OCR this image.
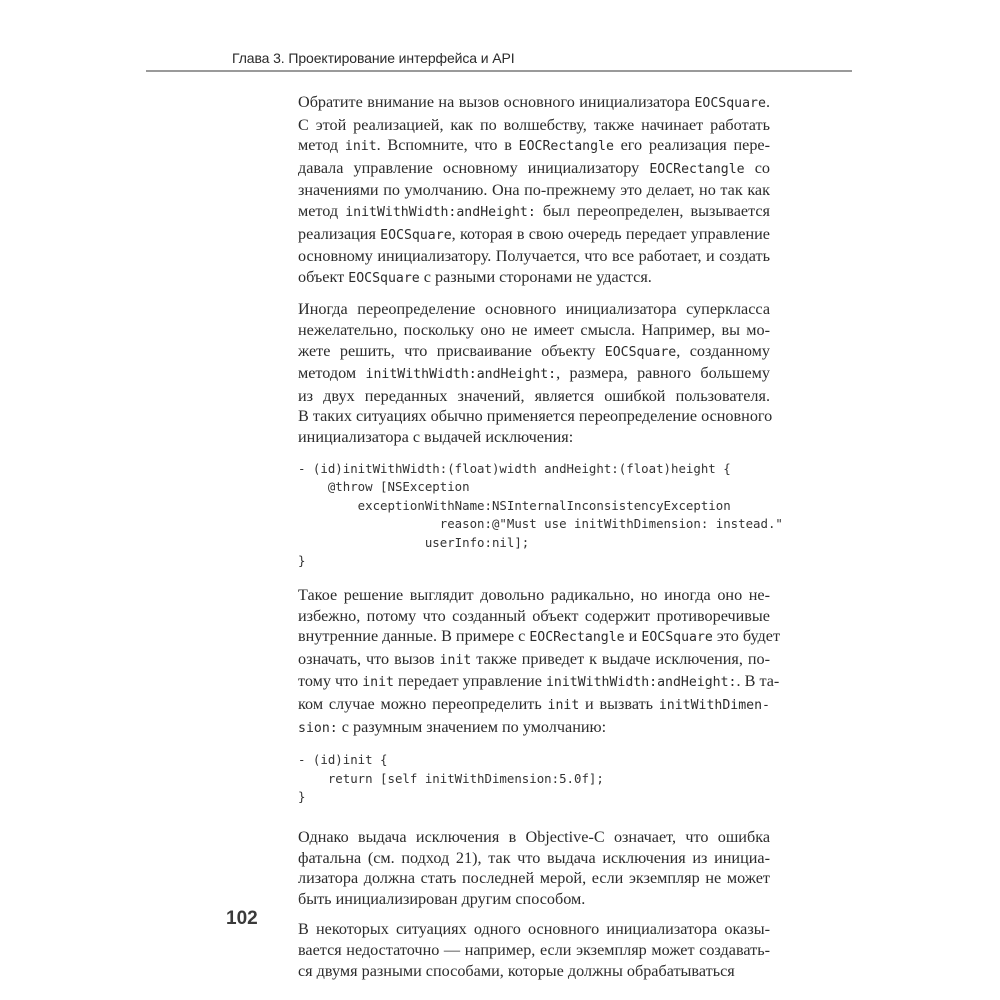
Глава 3. Проектирование интерфейса и API
Обратите внимание на вызов основного инициализатора EOCSquare.
С этой реализацией, как по волшебству, также начинает работать
метод init. Вспомните, что в EOCRectangle его реализация пере-
давала управление основному инициализатору EOCRectangle со
значениями по умолчанию. Она по-прежнему это делает, но так как
метод initWithWidth:andHeight: был переопределен, вызывается
реализация EOCSquare, которая в свою очередь передает управление
основному инициализатору. Получается, что все работает, и создать
объект EOCSquare с разными сторонами не удастся.
Иногда переопределение основного инициализатора суперкласса
нежелательно, поскольку оно не имеет смысла. Например, вы мо-
жете решить, что присваивание объекту EOCSquare, созданному
методом initWithWidth:andHeight:, размера, равного большему
из двух переданных значений, является ошибкой пользователя.
В таких ситуациях обычно применяется переопределение основного
инициализатора с выдачей исключения:
- (id)initWithWidth:(float)width andHeight:(float)height {
@throw [NSException
exceptionWithName:NSInternalInconsistencyException
reason:@"Must use initWithDimension: instead."
userInfo:nil];
}
Такое решение выглядит довольно радикально, но иногда оно не-
избежно, потому что созданный объект содержит противоречивые
внутренние данные. В примере с EOCRectangle и EOCSquare это будет
означать, что вызов init также приведет к выдаче исключения, по-
тому что init передает управление initWithWidth:andHeight:. В та-
ком случае можно переопределить init и вызвать initWithDimen-
sion: с разумным значением по умолчанию:
- (id)init {
return [self initWithDimension:5.0f];
}
Однако выдача исключения в Objective-C означает, что ошибка
фатальна (см. подход 21), так что выдача исключения из инициа-
лизатора должна стать последней мерой, если экземпляр не может
быть инициализирован другим способом.
В некоторых ситуациях одного основного инициализатора оказы-
вается недостаточно — например, если экземпляр может создавать-
ся двумя разными способами, которые должны обрабатываться
102
